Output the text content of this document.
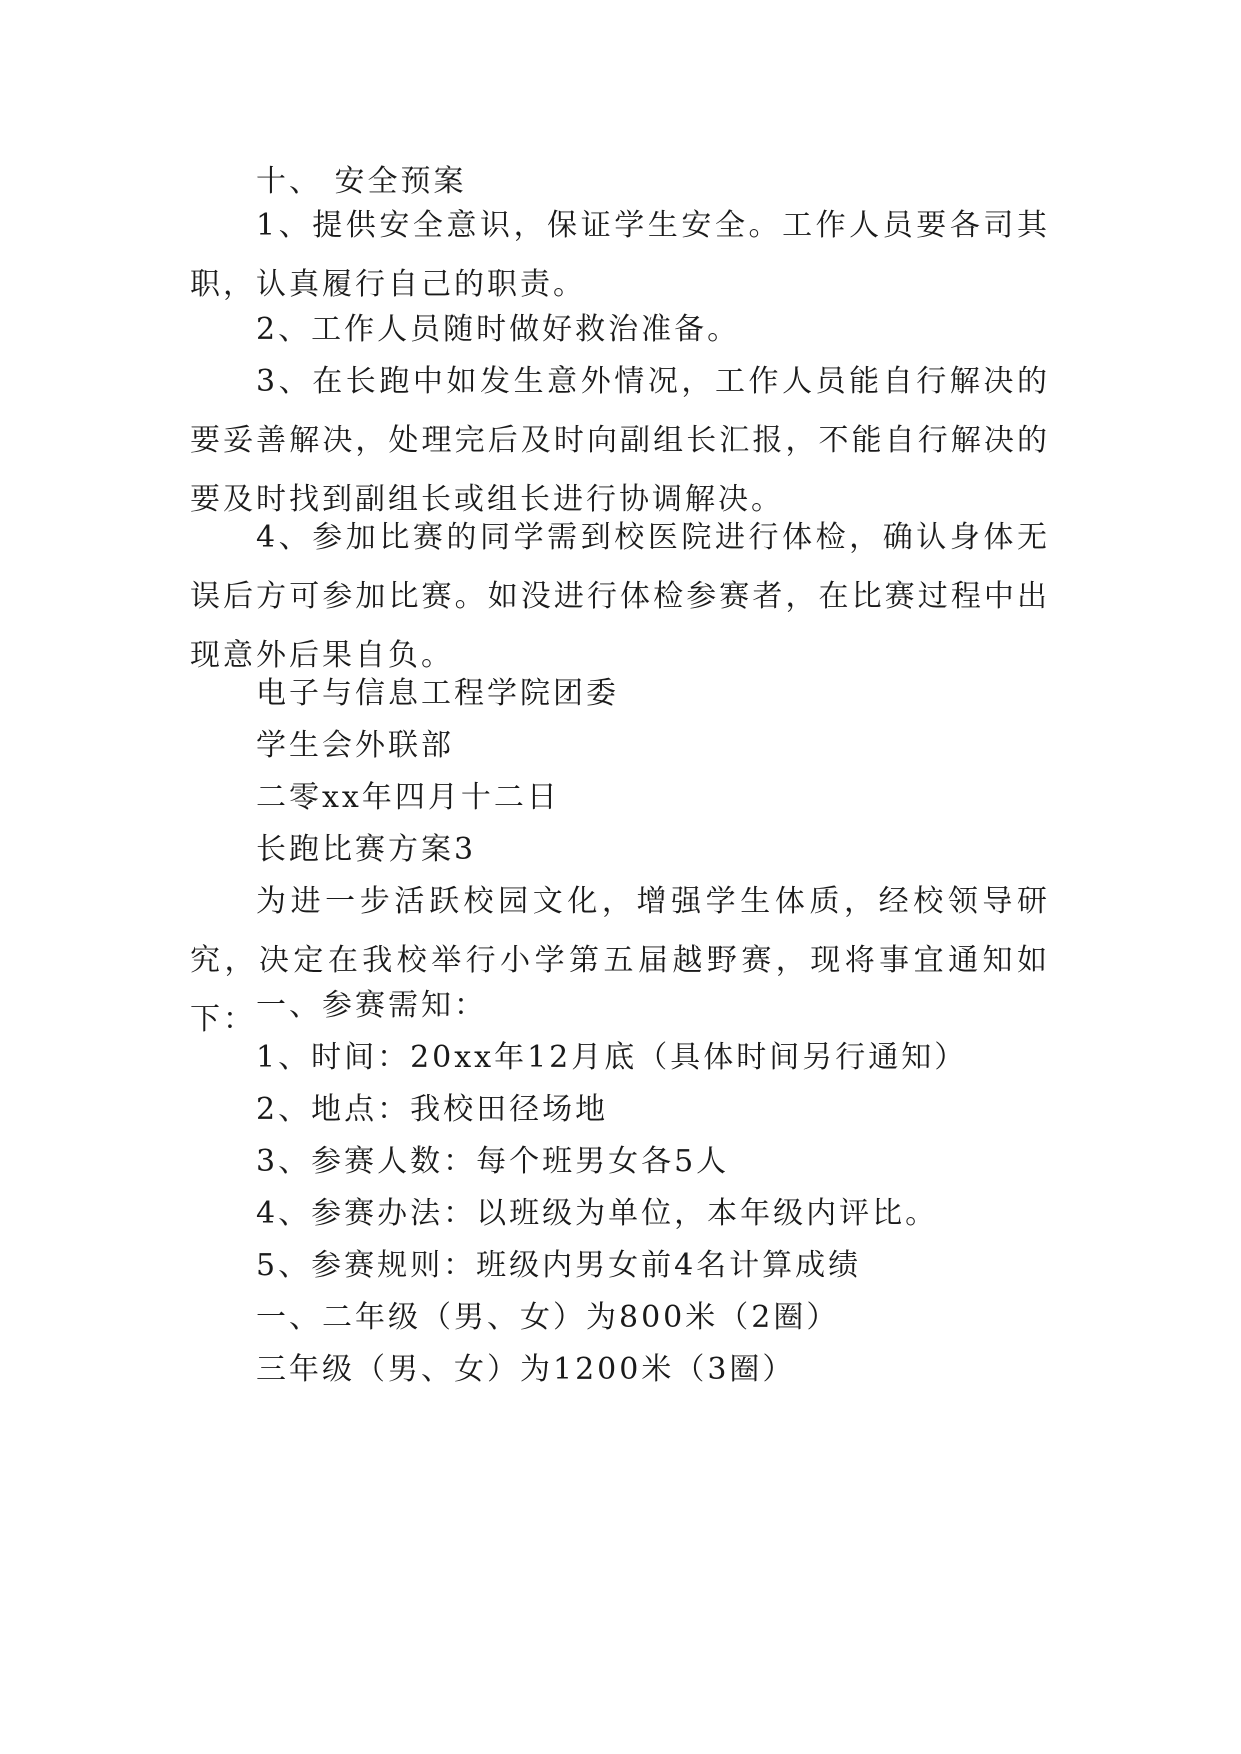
十、 安全预案

1、提供安全意识，保证学生安全。工作人员要各司其职，认真履行自己的职责。

2、工作人员随时做好救治准备。

3、在长跑中如发生意外情况，工作人员能自行解决的要妥善解决，处理完后及时向副组长汇报，不能自行解决的要及时找到副组长或组长进行协调解决。

4、参加比赛的同学需到校医院进行体检，确认身体无误后方可参加比赛。如没进行体检参赛者，在比赛过程中出现意外后果自负。

电子与信息工程学院团委

学生会外联部

二零xx年四月十二日

长跑比赛方案3

为进一步活跃校园文化，增强学生体质，经校领导研究，决定在我校举行小学第五届越野赛，现将事宜通知如下： 一、参赛需知：

1、时间：20xx年12月底（具体时间另行通知）

2、地点：我校田径场地

3、参赛人数：每个班男女各5人

4、参赛办法：以班级为单位，本年级内评比。

5、参赛规则：班级内男女前4名计算成绩

一、二年级（男、女）为800米（2圈）

三年级（男、女）为1200米（3圈）
